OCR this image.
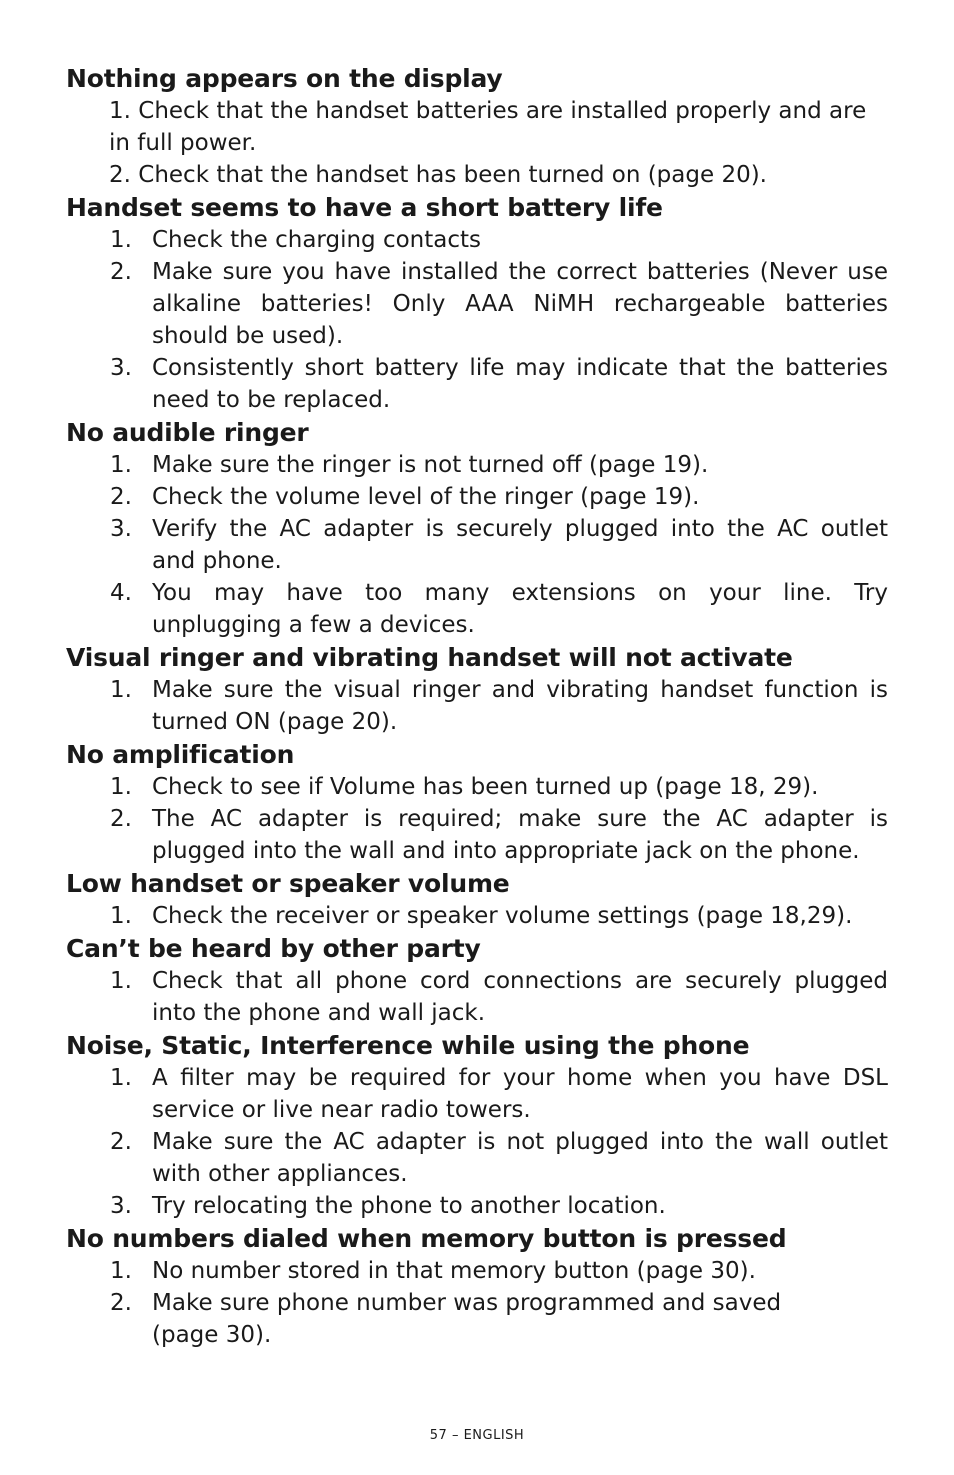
Nothing appears on the display
1. Check that the handset batteries are installed properly and are in full power.
2. Check that the handset has been turned on (page 20).
Handset seems to have a short battery life
1. Check the charging contacts
2. Make sure you have installed the correct batteries (Never use alkaline batteries! Only AAA NiMH rechargeable batteries should be used).
3. Consistently short battery life may indicate that the batteries need to be replaced.
No audible ringer
1. Make sure the ringer is not turned off (page 19).
2. Check the volume level of the ringer (page 19).
3. Verify the AC adapter is securely plugged into the AC outlet and phone.
4. You may have too many extensions on your line. Try unplugging a few a devices.
Visual ringer and vibrating handset will not activate
1. Make sure the visual ringer and vibrating handset function is turned ON (page 20).
No amplification
1. Check to see if Volume has been turned up (page 18, 29).
2. The AC adapter is required; make sure the AC adapter is plugged into the wall and into appropriate jack on the phone.
Low handset or speaker volume
1. Check the receiver or speaker volume settings (page 18,29).
Can’t be heard by other party
1. Check that all phone cord connections are securely plugged into the phone and wall jack.
Noise, Static, Interference while using the phone
1. A filter may be required for your home when you have DSL service or live near radio towers.
2. Make sure the AC adapter is not plugged into the wall outlet with other appliances.
3. Try relocating the phone to another location.
No numbers dialed when memory button is pressed
1. No number stored in that memory button (page 30).
2. Make sure phone number was programmed and saved (page 30).
57 – ENGLISH
